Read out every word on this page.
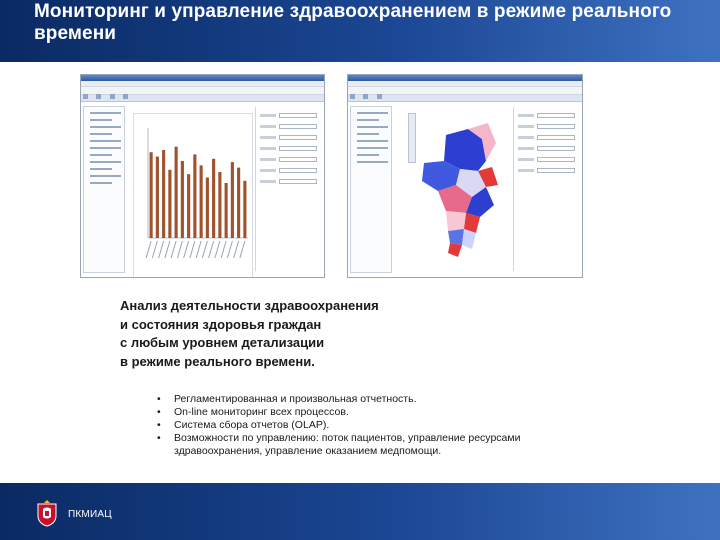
Мониторинг и управление здравоохранением в режиме реального времени

Анализ деятельности здравоохранения
и состояния здоровья граждан
с любым уровнем детализации
в режиме реального времени.
• Регламентированная и произвольная отчетность.
• On-line мониторинг всех процессов.
• Система сбора отчетов (OLAP).
• Возможности по управлению: поток пациентов, управление ресурсами здравоохранения, управление оказанием медпомощи.
ПКМИАЦ
